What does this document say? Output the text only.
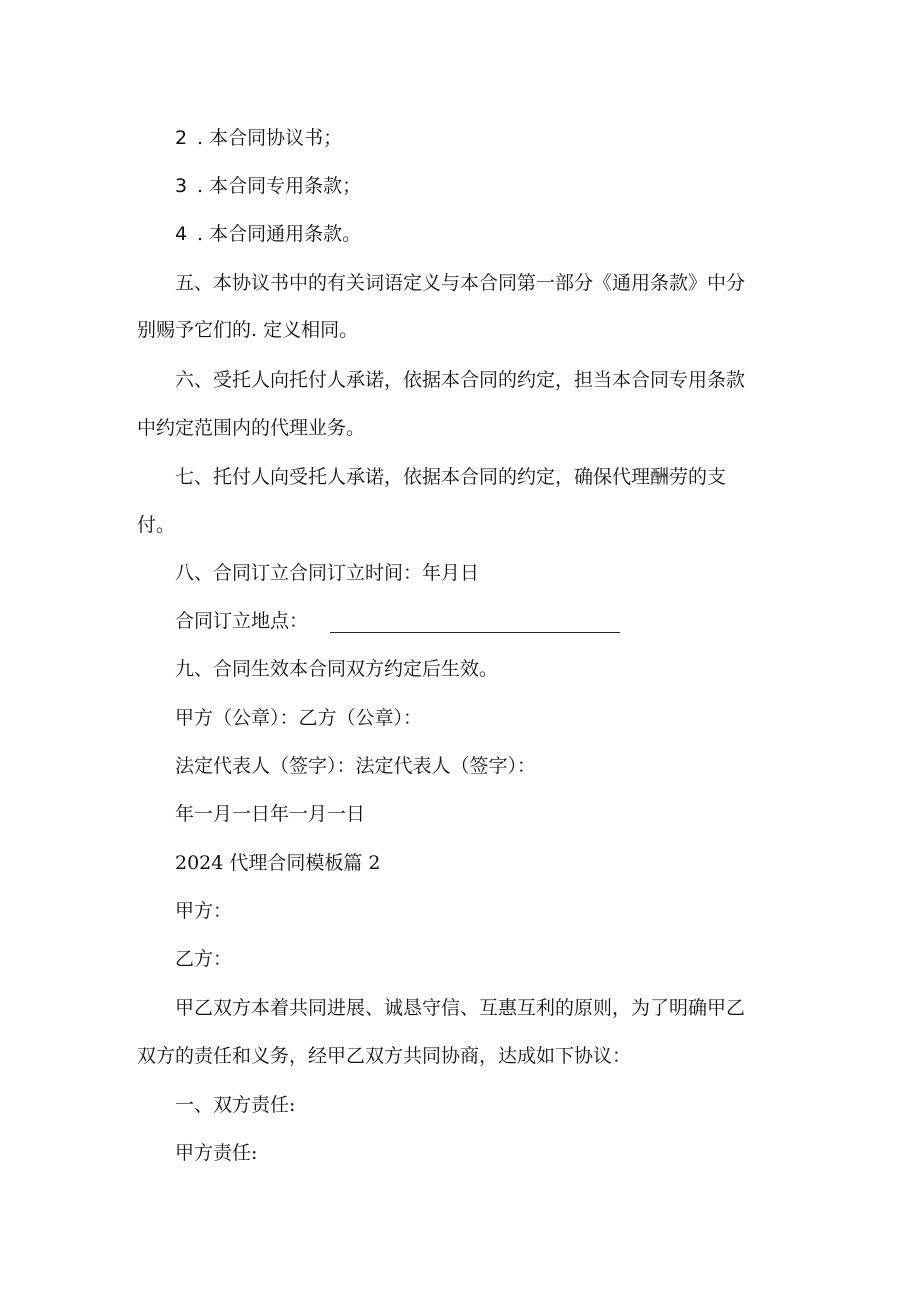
2 . 本合同协议书；
3 . 本合同专用条款；
4 . 本合同通用条款。
五、本协议书中的有关词语定义与本合同第一部分《通用条款》中分
别赐予它们的. 定义相同。
六、受托人向托付人承诺，依据本合同的约定，担当本合同专用条款
中约定范围内的代理业务。
七、托付人向受托人承诺，依据本合同的约定，确保代理酬劳的支
付。
八、合同订立合同订立时间：年月日
合同订立地点：
九、合同生效本合同双方约定后生效。
甲方（公章）：乙方（公章）：
法定代表人（签字）：法定代表人（签字）：
年一月一日年一月一日
2024 代理合同模板篇 2
甲方：
乙方：
甲乙双方本着共同进展、诚恳守信、互惠互利的原则，为了明确甲乙
双方的责任和义务，经甲乙双方共同协商，达成如下协议：
一、双方责任:
甲方责任:
